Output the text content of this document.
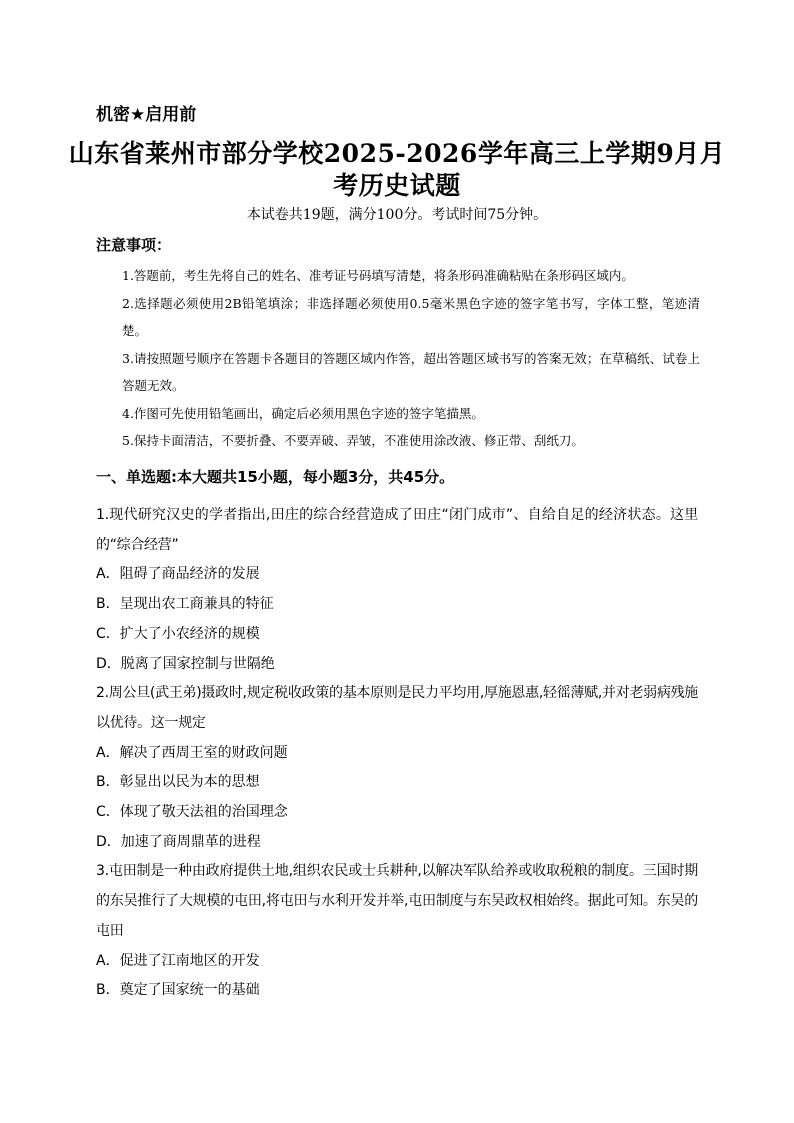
机密★启用前
山东省莱州市部分学校2025-2026学年高三上学期9月月
考历史试题
本试卷共19题，满分100分。考试时间75分钟。
注意事项：

1.答题前，考生先将自己的姓名、准考证号码填写清楚，将条形码准确粘贴在条形码区域内。

2.选择题必须使用2B铅笔填涂；非选择题必须使用0.5毫米黑色字迹的签字笔书写，字体工整，笔迹清楚。

3.请按照题号顺序在答题卡各题目的答题区域内作答，超出答题区域书写的答案无效；在草稿纸、试卷上答题无效。

4.作图可先使用铅笔画出，确定后必须用黑色字迹的签字笔描黑。

5.保持卡面清洁，不要折叠、不要弄破、弄皱，不准使用涂改液、修正带、刮纸刀。

一、单选题:本大题共15小题，每小题3分，共45分。

1.现代研究汉史的学者指出,田庄的综合经营造成了田庄“闭门成市”、自给自足的经济状态。这里的“综合经营”

A．阻碍了商品经济的发展

B．呈现出农工商兼具的特征

C．扩大了小农经济的规模

D．脱离了国家控制与世隔绝

2.周公旦(武王弟)摄政时,规定税收政策的基本原则是民力平均用,厚施恩惠,轻徭薄赋,并对老弱病残施以优待。这一规定

A．解决了西周王室的财政问题

B．彰显出以民为本的思想

C．体现了敬天法祖的治国理念

D．加速了商周鼎革的进程

3.屯田制是一种由政府提供土地,组织农民或士兵耕种,以解决军队给养或收取税粮的制度。三国时期的东吴推行了大规模的屯田,将屯田与水利开发并举,屯田制度与东吴政权相始终。据此可知。东吴的屯田

A．促进了江南地区的开发

B．奠定了国家统一的基础
